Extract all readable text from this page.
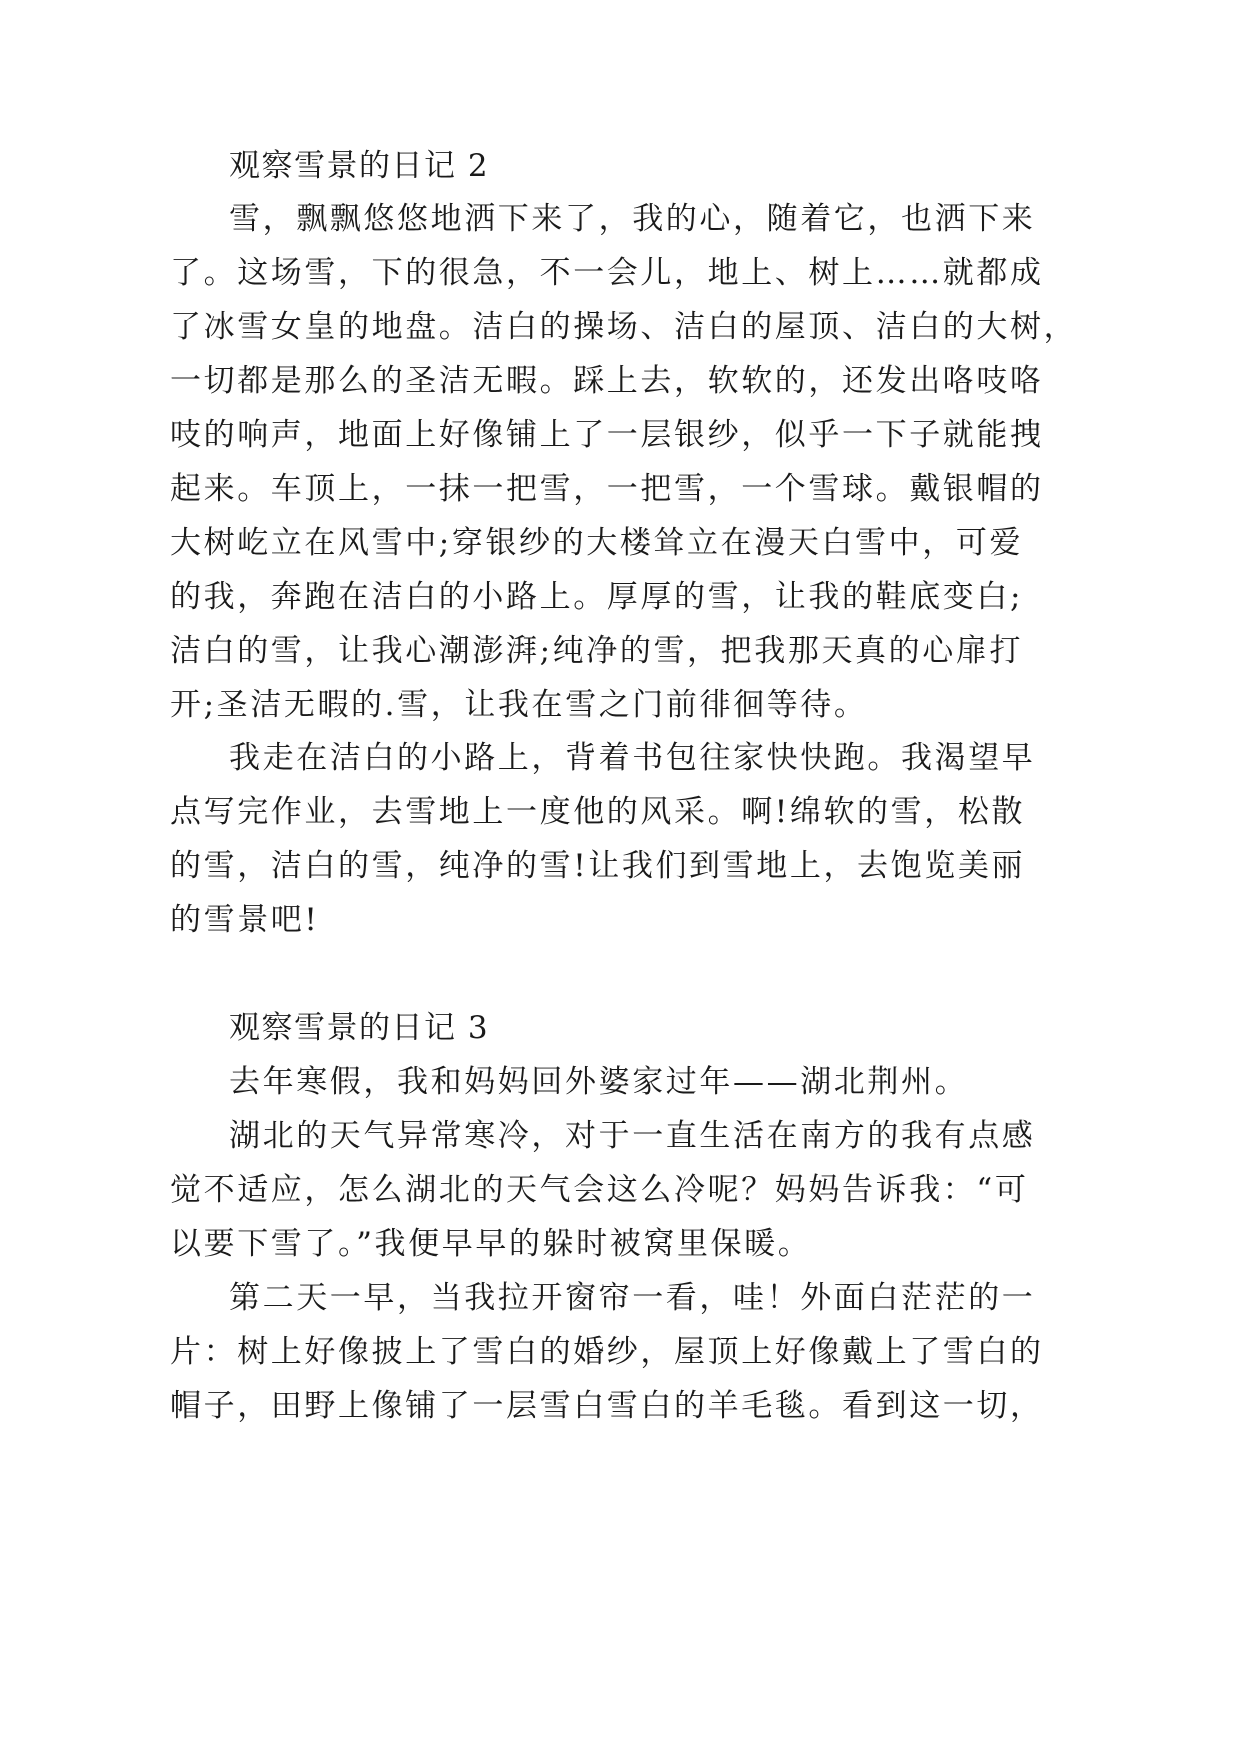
观察雪景的日记 2

雪，飘飘悠悠地洒下来了，我的心，随着它，也洒下来

了。这场雪，下的很急，不一会儿，地上、树上……就都成

了冰雪女皇的地盘。洁白的操场、洁白的屋顶、洁白的大树，

一切都是那么的圣洁无暇。踩上去，软软的，还发出咯吱咯

吱的响声，地面上好像铺上了一层银纱，似乎一下子就能拽

起来。车顶上，一抹一把雪，一把雪，一个雪球。戴银帽的

大树屹立在风雪中;穿银纱的大楼耸立在漫天白雪中，可爱

的我，奔跑在洁白的小路上。厚厚的雪，让我的鞋底变白;

洁白的雪，让我心潮澎湃;纯净的雪，把我那天真的心扉打

开;圣洁无暇的.雪，让我在雪之门前徘徊等待。

我走在洁白的小路上，背着书包往家快快跑。我渴望早

点写完作业，去雪地上一度他的风采。啊!绵软的雪，松散

的雪，洁白的雪，纯净的雪!让我们到雪地上，去饱览美丽

的雪景吧!

观察雪景的日记 3

去年寒假，我和妈妈回外婆家过年——湖北荆州。

湖北的天气异常寒冷，对于一直生活在南方的我有点感

觉不适应，怎么湖北的天气会这么冷呢？妈妈告诉我：“可

以要下雪了。”我便早早的躲时被窝里保暖。

第二天一早，当我拉开窗帘一看，哇！外面白茫茫的一

片：树上好像披上了雪白的婚纱，屋顶上好像戴上了雪白的

帽子，田野上像铺了一层雪白雪白的羊毛毯。看到这一切，
